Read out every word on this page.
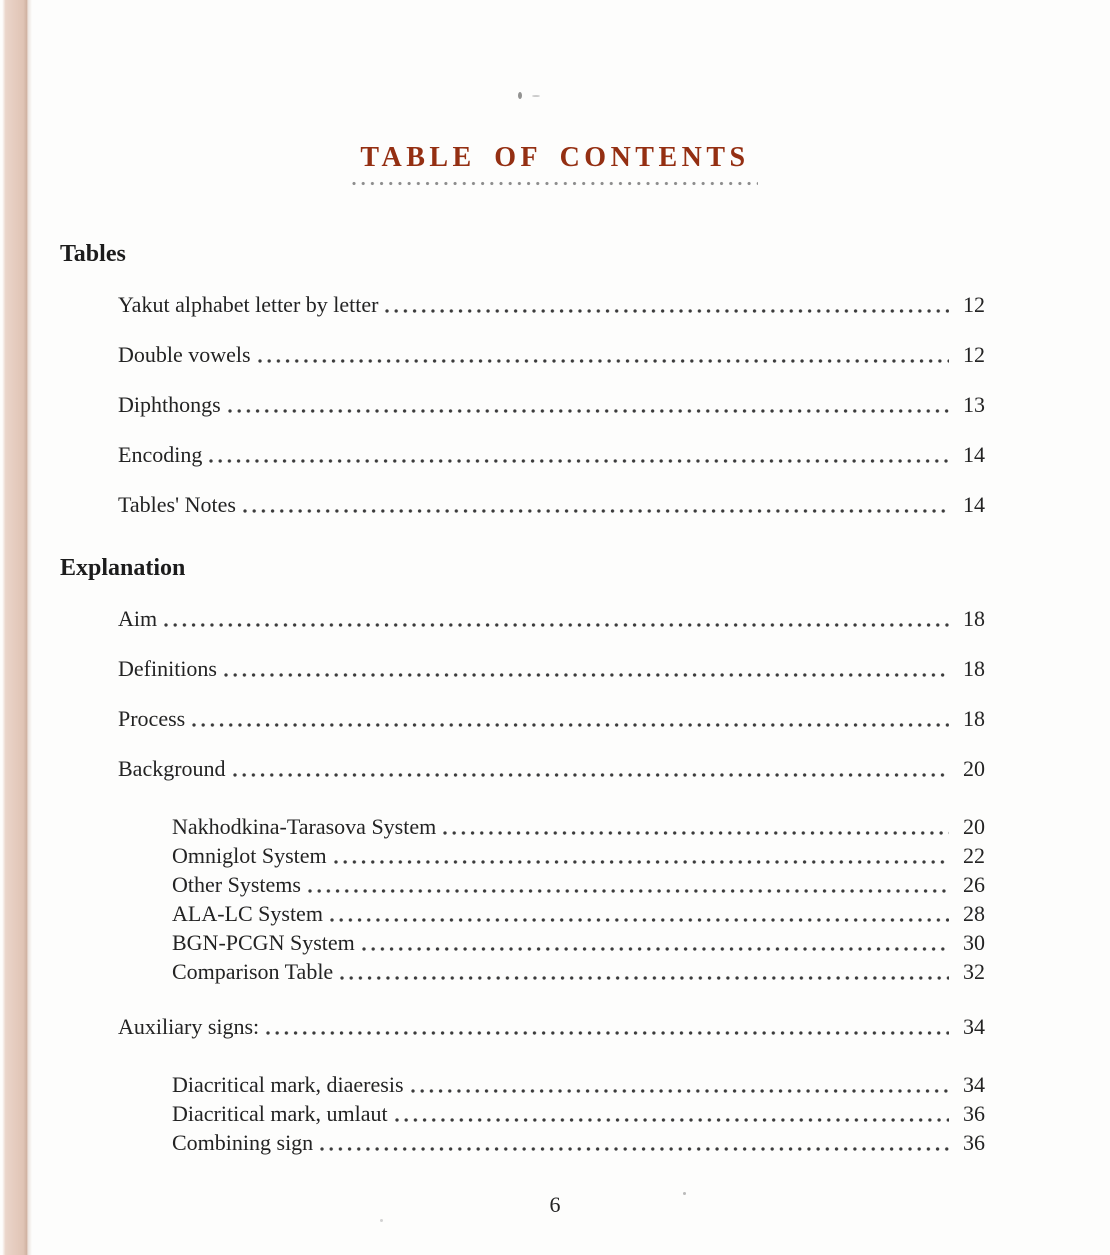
TABLE OF CONTENTS
Tables
Yakut alphabet letter by letter	12
Double vowels	12
Diphthongs	13
Encoding	14
Tables' Notes	14
Explanation
Aim	18
Definitions	18
Process	18
Background	20
Nakhodkina-Tarasova System	20
Omniglot System	22
Other Systems	26
ALA-LC System	28
BGN-PCGN System	30
Comparison Table	32
Auxiliary signs:	34
Diacritical mark, diaeresis	34
Diacritical mark, umlaut	36
Combining sign	36
6
